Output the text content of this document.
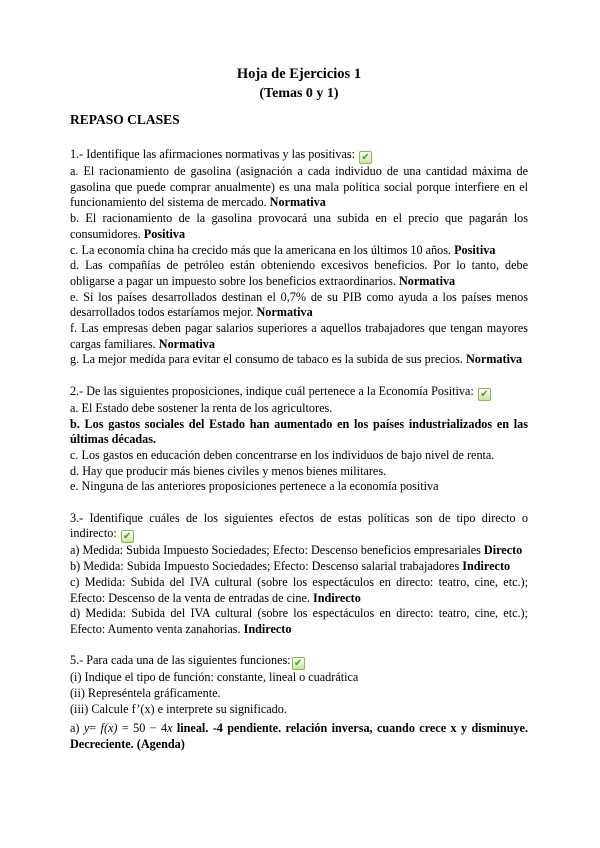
Hoja de Ejercicios 1

(Temas 0 y 1)

REPASO CLASES

1.- Identifique las afirmaciones normativas y las positivas: ✔

a. El racionamiento de gasolina (asignación a cada individuo de una cantidad máxima de gasolina que puede comprar anualmente) es una mala política social porque interfiere en el funcionamiento del sistema de mercado. Normativa

b. El racionamiento de la gasolina provocará una subida en el precio que pagarán los consumidores. Positiva

c. La economía china ha crecido más que la americana en los últimos 10 años. Positiva

d. Las compañías de petróleo están obteniendo excesivos beneficios. Por lo tanto, debe obligarse a pagar un impuesto sobre los beneficios extraordinarios. Normativa

e. Si los países desarrollados destinan el 0,7% de su PIB como ayuda a los países menos desarrollados todos estaríamos mejor. Normativa

f. Las empresas deben pagar salarios superiores a aquellos trabajadores que tengan mayores cargas familiares. Normativa

g. La mejor medida para evitar el consumo de tabaco es la subida de sus precios. Normativa

2.- De las siguientes proposiciones, indique cuál pertenece a la Economía Positiva: ✔

a. El Estado debe sostener la renta de los agricultores.

b. Los gastos sociales del Estado han aumentado en los países industrializados en las últimas décadas.

c. Los gastos en educación deben concentrarse en los individuos de bajo nivel de renta.

d. Hay que producir más bienes civiles y menos bienes militares.

e. Ninguna de las anteriores proposiciones pertenece a la economía positiva

3.- Identifique cuáles de los siguientes efectos de estas políticas son de tipo directo o indirecto: ✔

a) Medida: Subida Impuesto Sociedades; Efecto: Descenso beneficios empresariales Directo

b) Medida: Subida Impuesto Sociedades; Efecto: Descenso salarial trabajadores Indirecto

c) Medida: Subida del IVA cultural (sobre los espectáculos en directo: teatro, cine, etc.); Efecto: Descenso de la venta de entradas de cine. Indirecto

d) Medida: Subida del IVA cultural (sobre los espectáculos en directo: teatro, cine, etc.); Efecto: Aumento venta zanahorias. Indirecto

5.- Para cada una de las siguientes funciones: ✔

(i) Indique el tipo de función: constante, lineal o cuadrática

(ii) Represéntela gráficamente.

(iii) Calcule f’(x) e interprete su significado.

a) y= f(x) = 50 − 4x lineal. -4 pendiente. relación inversa, cuando crece x y disminuye. Decreciente. (Agenda)
